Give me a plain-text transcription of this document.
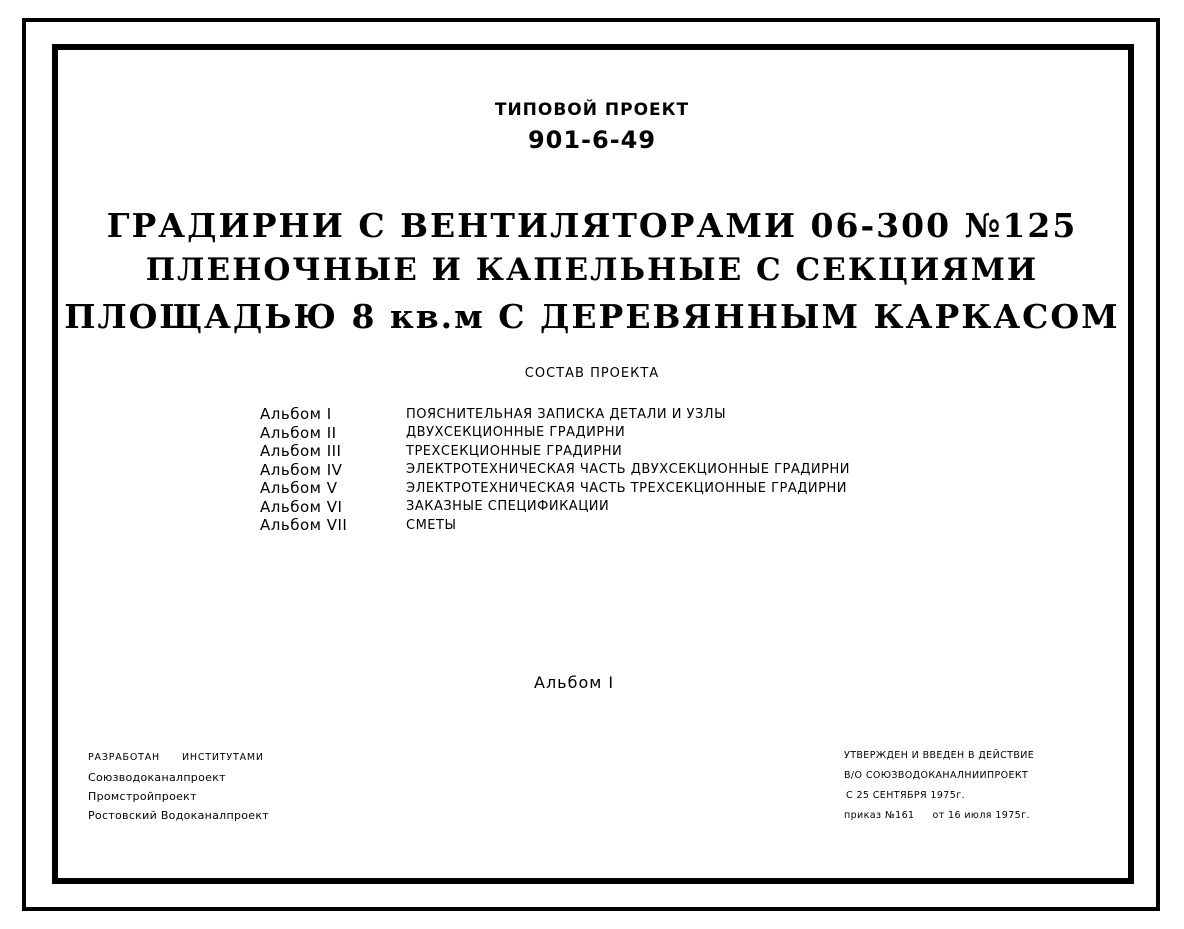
ТИПОВОЙ ПРОЕКТ
901-6-49
ГРАДИРНИ С ВЕНТИЛЯТОРАМИ 06-300 №125
ПЛЕНОЧНЫЕ И КАПЕЛЬНЫЕ С СЕКЦИЯМИ
ПЛОЩАДЬЮ 8 кв.м С ДЕРЕВЯННЫМ КАРКАСОМ
СОСТАВ ПРОЕКТА
Альбом I	ПОЯСНИТЕЛЬНАЯ ЗАПИСКА ДЕТАЛИ И УЗЛЫ
Альбом II	ДВУХСЕКЦИОННЫЕ ГРАДИРНИ
Альбом III	ТРЕХСЕКЦИОННЫЕ ГРАДИРНИ
Альбом IV	ЭЛЕКТРОТЕХНИЧЕСКАЯ ЧАСТЬ ДВУХСЕКЦИОННЫЕ ГРАДИРНИ
Альбом V	ЭЛЕКТРОТЕХНИЧЕСКАЯ ЧАСТЬ ТРЕХСЕКЦИОННЫЕ ГРАДИРНИ
Альбом VI	ЗАКАЗНЫЕ СПЕЦИФИКАЦИИ
Альбом VII	СМЕТЫ
Альбом I
РАЗРАБОТАН ИНСТИТУТАМИ
Союзводоканалпроект
Промстройпроект
Ростовский Водоканалпроект
УТВЕРЖДЕН И ВВЕДЕН В ДЕЙСТВИЕ
В/О СОЮЗВОДОКАНАЛНИИПРОЕКТ
С 25 СЕНТЯБРЯ 1975г.
приказ №161 от 16 июля 1975г.
